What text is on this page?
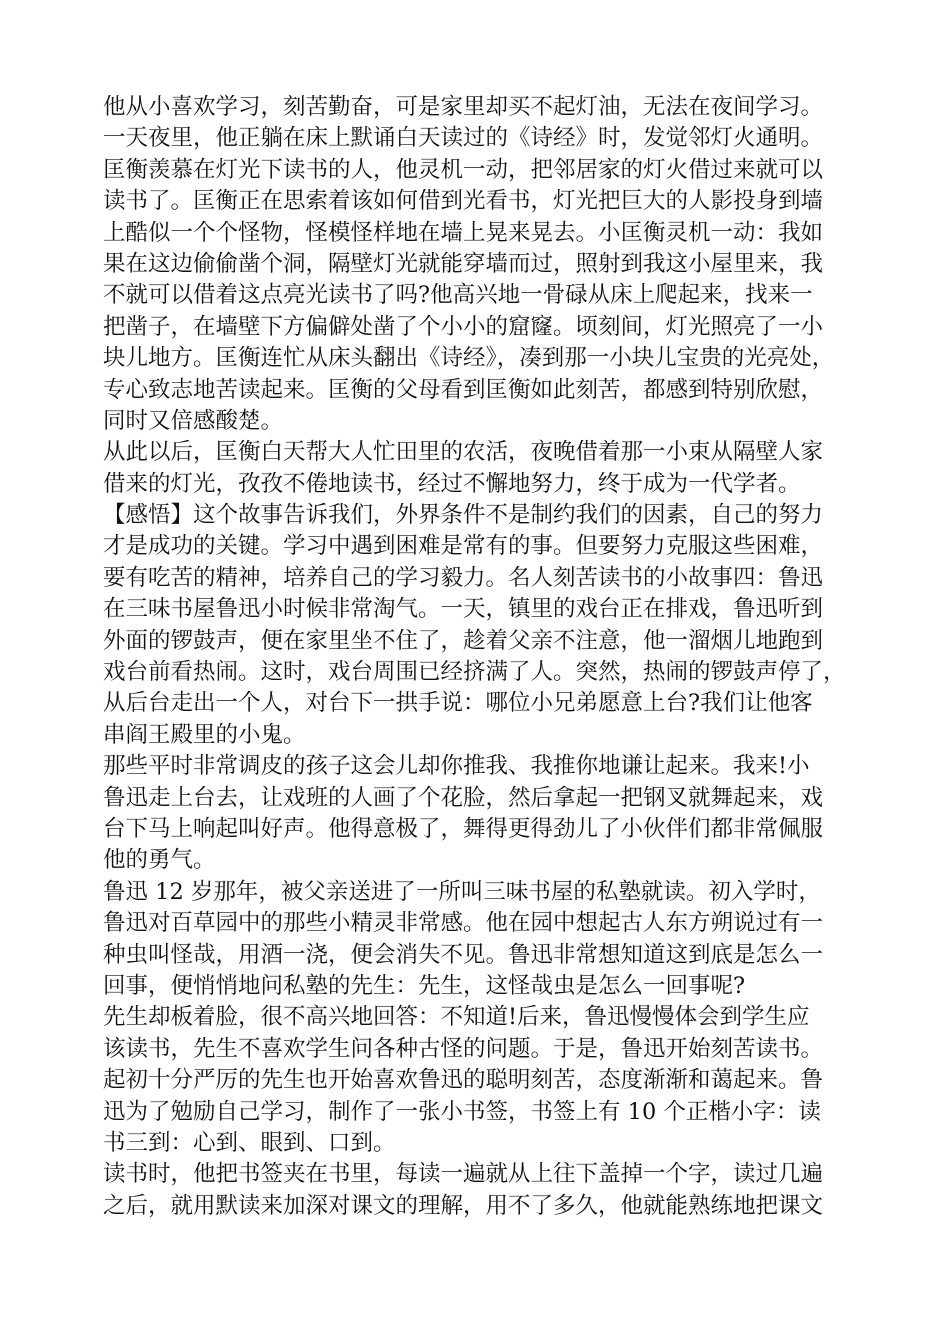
他从小喜欢学习，刻苦勤奋，可是家里却买不起灯油，无法在夜间学习。
一天夜里，他正躺在床上默诵白天读过的《诗经》时，发觉邻灯火通明。
匡衡羡慕在灯光下读书的人，他灵机一动，把邻居家的灯火借过来就可以
读书了。匡衡正在思索着该如何借到光看书，灯光把巨大的人影投身到墙
上酷似一个个怪物，怪模怪样地在墙上晃来晃去。小匡衡灵机一动：我如
果在这边偷偷凿个洞，隔壁灯光就能穿墙而过，照射到我这小屋里来，我
不就可以借着这点亮光读书了吗?他高兴地一骨碌从床上爬起来，找来一
把凿子，在墙壁下方偏僻处凿了个小小的窟窿。顷刻间，灯光照亮了一小
块儿地方。匡衡连忙从床头翻出《诗经》，凑到那一小块儿宝贵的光亮处，
专心致志地苦读起来。匡衡的父母看到匡衡如此刻苦，都感到特别欣慰，
同时又倍感酸楚。
从此以后，匡衡白天帮大人忙田里的农活，夜晚借着那一小束从隔壁人家
借来的灯光，孜孜不倦地读书，经过不懈地努力，终于成为一代学者。
【感悟】这个故事告诉我们，外界条件不是制约我们的因素，自己的努力
才是成功的关键。学习中遇到困难是常有的事。但要努力克服这些困难，
要有吃苦的精神，培养自己的学习毅力。名人刻苦读书的小故事四：鲁迅
在三味书屋鲁迅小时候非常淘气。一天，镇里的戏台正在排戏，鲁迅听到
外面的锣鼓声，便在家里坐不住了，趁着父亲不注意，他一溜烟儿地跑到
戏台前看热闹。这时，戏台周围已经挤满了人。突然，热闹的锣鼓声停了，
从后台走出一个人，对台下一拱手说：哪位小兄弟愿意上台?我们让他客
串阎王殿里的小鬼。
那些平时非常调皮的孩子这会儿却你推我、我推你地谦让起来。我来!小
鲁迅走上台去，让戏班的人画了个花脸，然后拿起一把钢叉就舞起来，戏
台下马上响起叫好声。他得意极了，舞得更得劲儿了小伙伴们都非常佩服
他的勇气。
鲁迅 12 岁那年，被父亲送进了一所叫三味书屋的私塾就读。初入学时，
鲁迅对百草园中的那些小精灵非常感。他在园中想起古人东方朔说过有一
种虫叫怪哉，用酒一浇，便会消失不见。鲁迅非常想知道这到底是怎么一
回事，便悄悄地问私塾的先生：先生，这怪哉虫是怎么一回事呢?
先生却板着脸，很不高兴地回答：不知道!后来，鲁迅慢慢体会到学生应
该读书，先生不喜欢学生问各种古怪的问题。于是，鲁迅开始刻苦读书。
起初十分严厉的先生也开始喜欢鲁迅的聪明刻苦，态度渐渐和蔼起来。鲁
迅为了勉励自己学习，制作了一张小书签，书签上有 10 个正楷小字：读
书三到：心到、眼到、口到。
读书时，他把书签夹在书里，每读一遍就从上往下盖掉一个字，读过几遍
之后，就用默读来加深对课文的理解，用不了多久，他就能熟练地把课文
